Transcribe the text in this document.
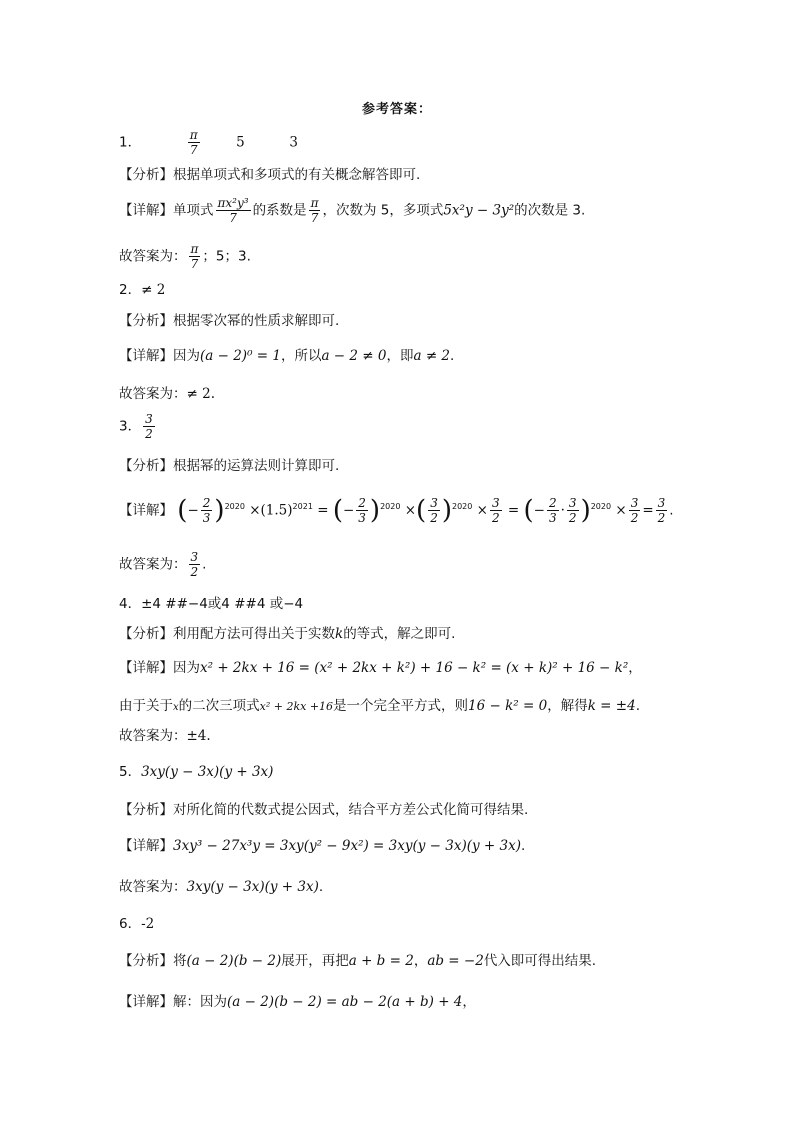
参考答案：
1．	$\frac{\pi}{7}$	5	3
【分析】根据单项式和多项式的有关概念解答即可.
【详解】单项式 $\frac{\text{πx²y³}}{7}$ 的系数是 $\frac{\pi}{7}$ ，次数为 5，多项式5x²y − 3y²的次数是 3.
故答案为： $\frac{\pi}{7}$ ；5；3.
2．≠ 2
【分析】根据零次幂的性质求解即可.
【详解】因为(a − 2)⁰ = 1，所以a − 2 ≠ 0，即a ≠ 2.
故答案为：≠ 2.
3． $\frac{3}{2}$
【分析】根据幂的运算法则计算即可.
【详解】 (− $\frac{2}{3} )^{2020} \times(1.5)^{2021}$ = (− $\frac{2}{3} )^{2020}$ ×( $\frac{3}{2} )^{2020} \times \frac{3}{2}$ = (− $\frac{2}{3} \cdot \frac{3}{2} )^{2020} \times \frac{3}{2} = \frac{3}{2}$ .
故答案为： $\frac{3}{2}$ .
4．±4 ##−4或4 ##4 或−4
【分析】利用配方法可得出关于实数k的等式，解之即可.
【详解】因为x² + 2kx + 16 = (x² + 2kx + k²) + 16 − k² = (x + k)² + 16 − k²，
由于关于x的二次三项式x² + 2kx +16是一个完全平方式，则16 − k² = 0，解得k = ±4.
故答案为：±4.
5．3xy(y − 3x)(y + 3x)
【分析】对所化简的代数式提公因式，结合平方差公式化简可得结果.
【详解】3xy³ − 27x³y = 3xy(y² − 9x²) = 3xy(y − 3x)(y + 3x).
故答案为：3xy(y − 3x)(y + 3x).
6．-2
【分析】将(a − 2)(b − 2)展开，再把a + b = 2，ab = −2代入即可得出结果.
【详解】解：因为(a − 2)(b − 2) = ab − 2(a + b) + 4，
